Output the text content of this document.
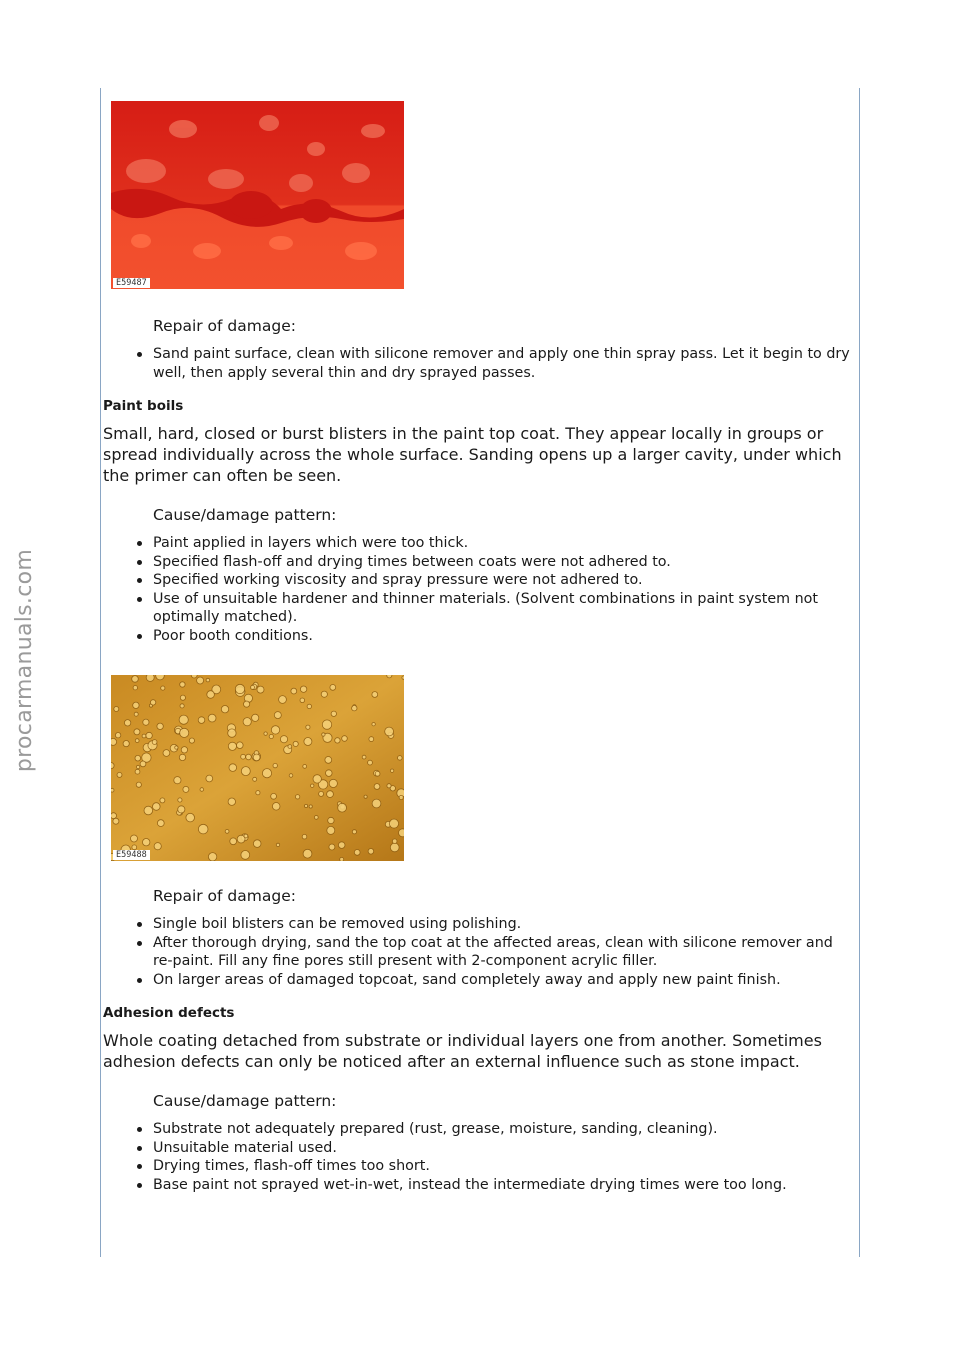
procarmanuals.com
E59487
Repair of damage:
Sand paint surface, clean with silicone remover and apply one thin spray pass. Let it begin to dry well, then apply several thin and dry sprayed passes.
Paint boils

Small, hard, closed or burst blisters in the paint top coat. They appear locally in groups or spread individually across the whole surface. Sanding opens up a larger cavity, under which the primer can often be seen.

Cause/damage pattern:
Paint applied in layers which were too thick.
Specified flash-off and drying times between coats were not adhered to.
Specified working viscosity and spray pressure were not adhered to.
Use of unsuitable hardener and thinner materials. (Solvent combinations in paint system not optimally matched).
Poor booth conditions.
E59488
Repair of damage:
Single boil blisters can be removed using polishing.
After thorough drying, sand the top coat at the affected areas, clean with silicone remover and re-paint. Fill any fine pores still present with 2-component acrylic filler.
On larger areas of damaged topcoat, sand completely away and apply new paint finish.
Adhesion defects

Whole coating detached from substrate or individual layers one from another. Sometimes adhesion defects can only be noticed after an external influence such as stone impact.

Cause/damage pattern:
Substrate not adequately prepared (rust, grease, moisture, sanding, cleaning).
Unsuitable material used.
Drying times, flash-off times too short.
Base paint not sprayed wet-in-wet, instead the intermediate drying times were too long.
